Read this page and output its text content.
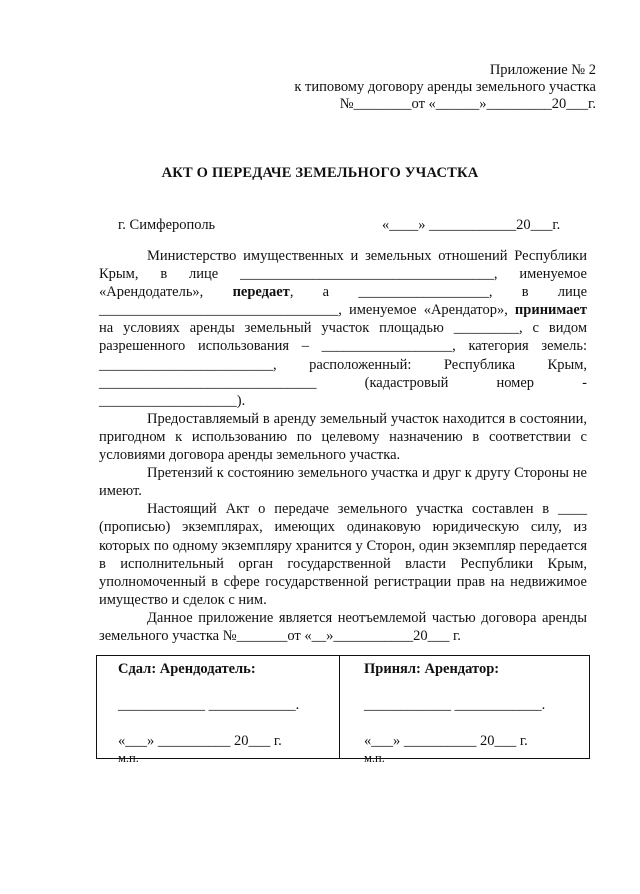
Приложение № 2
к типовому договору аренды земельного участка
№________от «______»_________20___г.
АКТ О ПЕРЕДАЧЕ ЗЕМЕЛЬНОГО УЧАСТКА
г. Симферополь	«____» ____________20___г.

Министерство имущественных и земельных отношений Республики Крым, в лице ___________________________________, именуемое «Арендодатель», передает, а __________________, в лице _________________________________, именуемое «Арендатор», принимает на условиях аренды земельный участок площадью _________, с видом разрешенного использования – __________________, категория земель: ________________________, расположенный: Республика Крым, ______________________________ (кадастровый номер - ___________________).

Предоставляемый в аренду земельный участок находится в состоянии, пригодном к использованию по целевому назначению в соответствии с условиями договора аренды земельного участка.

Претензий к состоянию земельного участка и друг к другу Стороны не имеют.

Настоящий Акт о передаче земельного участка составлен в ____ (прописью) экземплярах, имеющих одинаковую юридическую силу, из которых по одному экземпляру хранится у Сторон, один экземпляр передается в исполнительный орган государственной власти Республики Крым, уполномоченный в сфере государственной регистрации прав на недвижимое имущество и сделок с ним.

Данное приложение является неотъемлемой частью договора аренды земельного участка №_______от «__»___________20___ г.

Сдал: Арендодатель:
____________ ____________.
«___» __________ 20___ г.
м.п.
Принял: Арендатор:
____________ ____________.
«___» __________ 20___ г.
м.п.
